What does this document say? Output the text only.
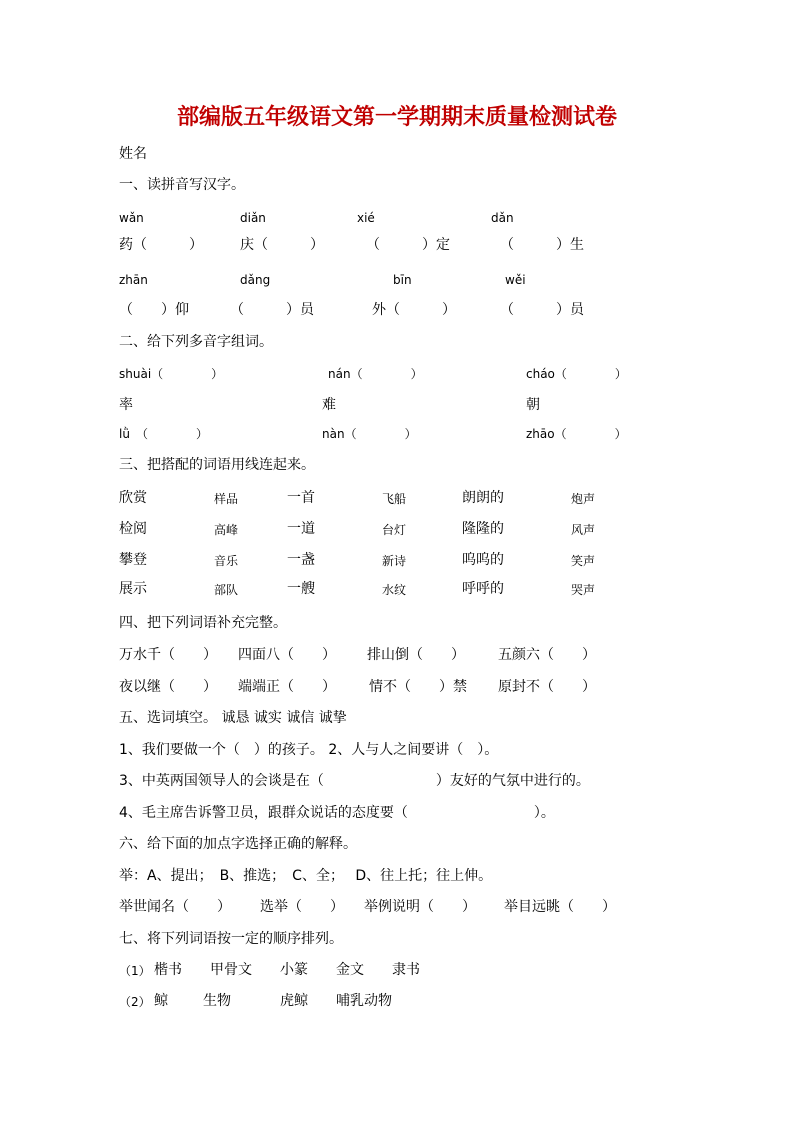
部编版五年级语文第一学期期末质量检测试卷
姓名
一、读拼音写汉字。
wǎn	diǎn	xié	dǎn
药（　　　）	庆（　　　）	（　　　）定	（　　　）生
zhān	dǎng	bīn	wěi
（　　）仰	（　　　）员	外（　　　）	（　　　）员
二、给下列多音字组词。
shuài（　　　　）	nán（　　　　）	cháo（　　　　）
率	难	朝
lǜ　（　　　　）	nàn（　　　　）	zhāo（　　　　）
三、把搭配的词语用线连起来。
欣赏	样品	一首	飞船	朗朗的	炮声
检阅	高峰	一道	台灯	隆隆的	风声
攀登	音乐	一盏	新诗	呜呜的	笑声
展示	部队	一艘	水纹	呼呼的	哭声
四、把下列词语补充完整。
万水千（　　） 四面八（　　） 排山倒（　　） 五颜六（　　）
夜以继（　　） 端端正（　　） 情不（　　）禁 原封不（　　）
五、选词填空。 诚恳 诚实 诚信 诚挚
1、我们要做一个（　）的孩子。 2、人与人之间要讲（　）。
3、中英两国领导人的会谈是在（　　　　　　　　）友好的气氛中进行的。
4、毛主席告诉警卫员，跟群众说话的态度要（　　　　　　　　　）。
六、给下面的加点字选择正确的解释。
举：A、提出；　B、推选；　C、全；　 D、往上托；往上伸。
举世闻名（　　） 选举（　　） 举例说明（　　） 举目远眺（　　）
七、将下列词语按一定的顺序排列。
（1） 楷书 甲骨文 小篆 金文 隶书
（2） 鲸	生物	虎鲸 哺乳动物
